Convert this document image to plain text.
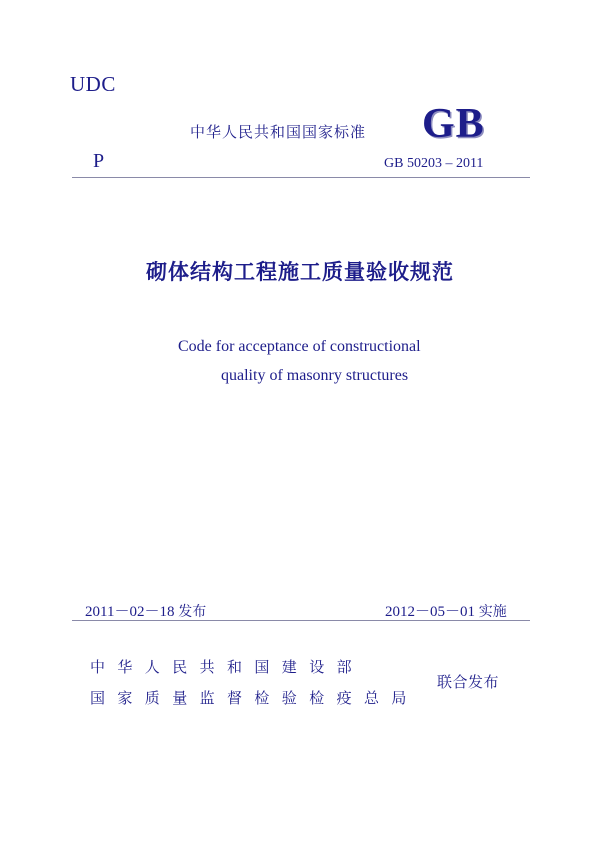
UDC
中华人民共和国国家标准 GB
P	GB 50203 – 2011
砌体结构工程施工质量验收规范
Code for acceptance of constructional
quality of masonry structures
2011－02－18 发布	2012－05－01 实施
中华人民共和国建设部
国家质量监督检验检疫总局
联合发布
